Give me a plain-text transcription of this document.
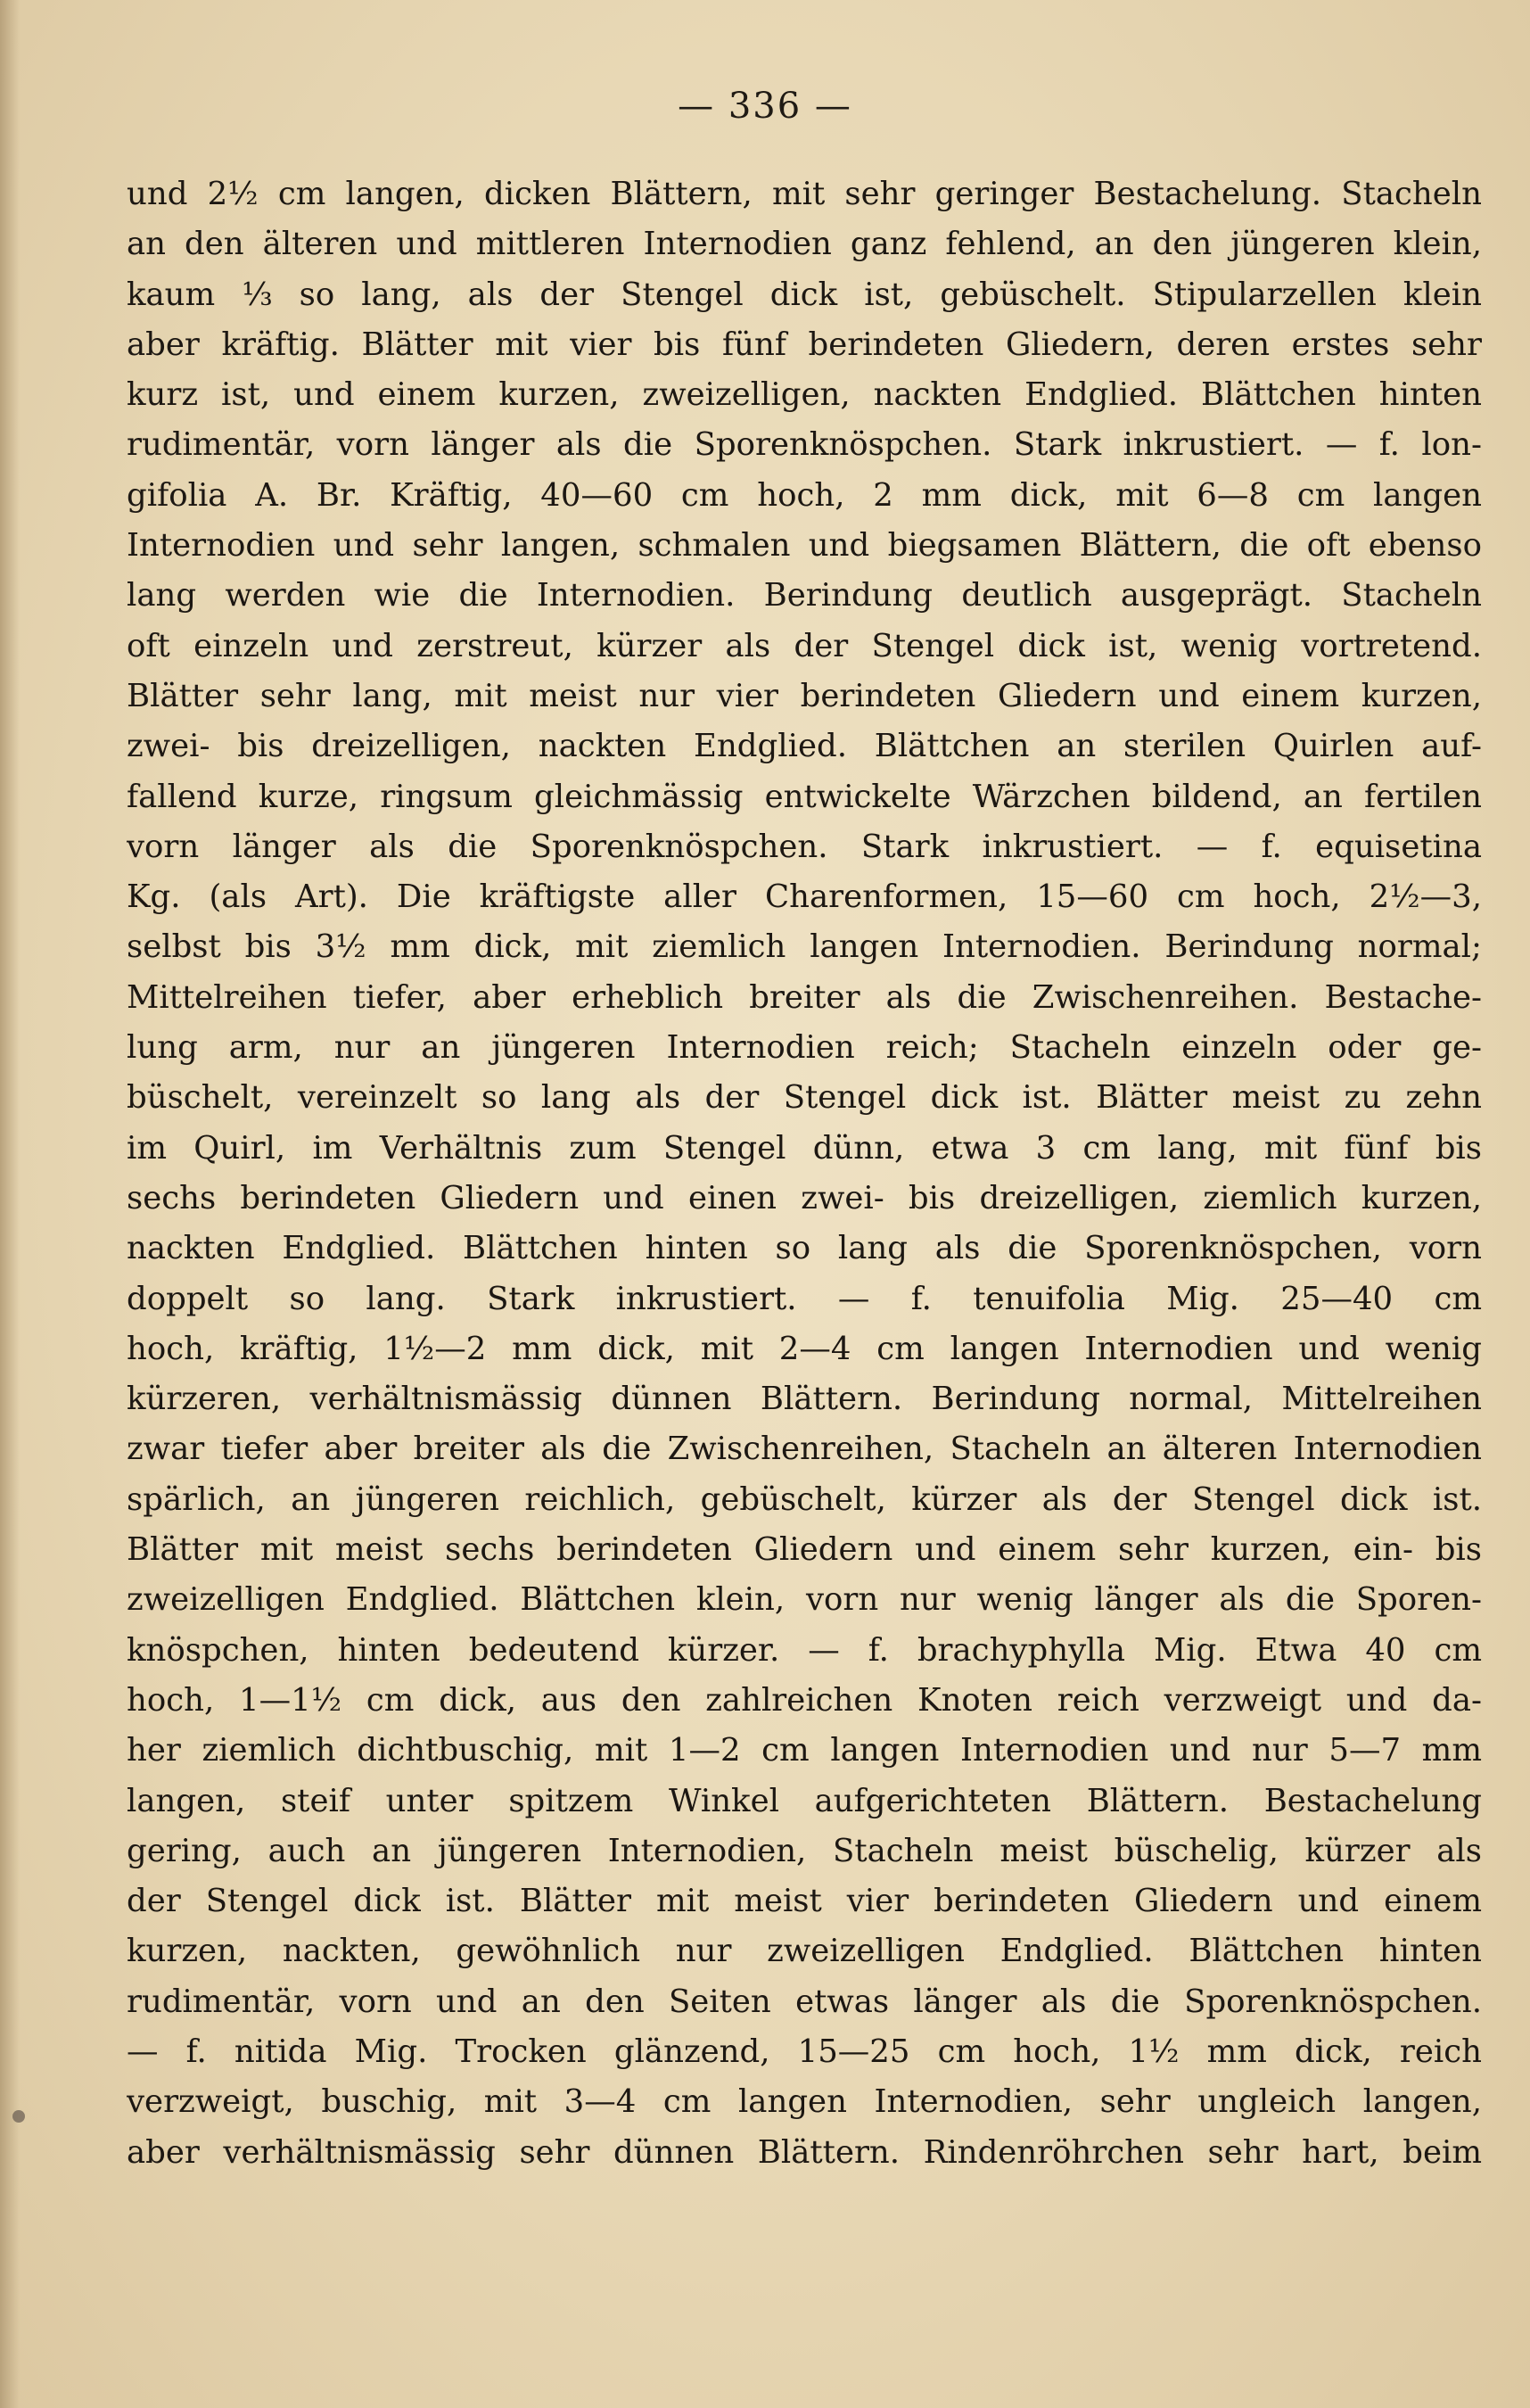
— 336 —
und 2½ cm langen, dicken Blättern, mit sehr geringer Bestachelung. Stacheln
an den älteren und mittleren Internodien ganz fehlend, an den jüngeren klein,
kaum ⅓ so lang, als der Stengel dick ist, gebüschelt. Stipularzellen klein
aber kräftig. Blätter mit vier bis fünf berindeten Gliedern, deren erstes sehr
kurz ist, und einem kurzen, zweizelligen, nackten Endglied. Blättchen hinten
rudimentär, vorn länger als die Sporenknöspchen. Stark inkrustiert. — f. lon-
gifolia A. Br. Kräftig, 40—60 cm hoch, 2 mm dick, mit 6—8 cm langen
Internodien und sehr langen, schmalen und biegsamen Blättern, die oft ebenso
lang werden wie die Internodien. Berindung deutlich ausgeprägt. Stacheln
oft einzeln und zerstreut, kürzer als der Stengel dick ist, wenig vortretend.
Blätter sehr lang, mit meist nur vier berindeten Gliedern und einem kurzen,
zwei- bis dreizelligen, nackten Endglied. Blättchen an sterilen Quirlen auf-
fallend kurze, ringsum gleichmässig entwickelte Wärzchen bildend, an fertilen
vorn länger als die Sporenknöspchen. Stark inkrustiert. — f. equisetina
Kg. (als Art). Die kräftigste aller Charenformen, 15—60 cm hoch, 2½—3,
selbst bis 3½ mm dick, mit ziemlich langen Internodien. Berindung normal;
Mittelreihen tiefer, aber erheblich breiter als die Zwischenreihen. Bestache-
lung arm, nur an jüngeren Internodien reich; Stacheln einzeln oder ge-
büschelt, vereinzelt so lang als der Stengel dick ist. Blätter meist zu zehn
im Quirl, im Verhältnis zum Stengel dünn, etwa 3 cm lang, mit fünf bis
sechs berindeten Gliedern und einen zwei- bis dreizelligen, ziemlich kurzen,
nackten Endglied. Blättchen hinten so lang als die Sporenknöspchen, vorn
doppelt so lang. Stark inkrustiert. — f. tenuifolia Mig. 25—40 cm
hoch, kräftig, 1½—2 mm dick, mit 2—4 cm langen Internodien und wenig
kürzeren, verhältnismässig dünnen Blättern. Berindung normal, Mittelreihen
zwar tiefer aber breiter als die Zwischenreihen, Stacheln an älteren Internodien
spärlich, an jüngeren reichlich, gebüschelt, kürzer als der Stengel dick ist.
Blätter mit meist sechs berindeten Gliedern und einem sehr kurzen, ein- bis
zweizelligen Endglied. Blättchen klein, vorn nur wenig länger als die Sporen-
knöspchen, hinten bedeutend kürzer. — f. brachyphylla Mig. Etwa 40 cm
hoch, 1—1½ cm dick, aus den zahlreichen Knoten reich verzweigt und da-
her ziemlich dichtbuschig, mit 1—2 cm langen Internodien und nur 5—7 mm
langen, steif unter spitzem Winkel aufgerichteten Blättern. Bestachelung
gering, auch an jüngeren Internodien, Stacheln meist büschelig, kürzer als
der Stengel dick ist. Blätter mit meist vier berindeten Gliedern und einem
kurzen, nackten, gewöhnlich nur zweizelligen Endglied. Blättchen hinten
rudimentär, vorn und an den Seiten etwas länger als die Sporenknöspchen.
— f. nitida Mig. Trocken glänzend, 15—25 cm hoch, 1½ mm dick, reich
verzweigt, buschig, mit 3—4 cm langen Internodien, sehr ungleich langen,
aber verhältnismässig sehr dünnen Blättern. Rindenröhrchen sehr hart, beim
